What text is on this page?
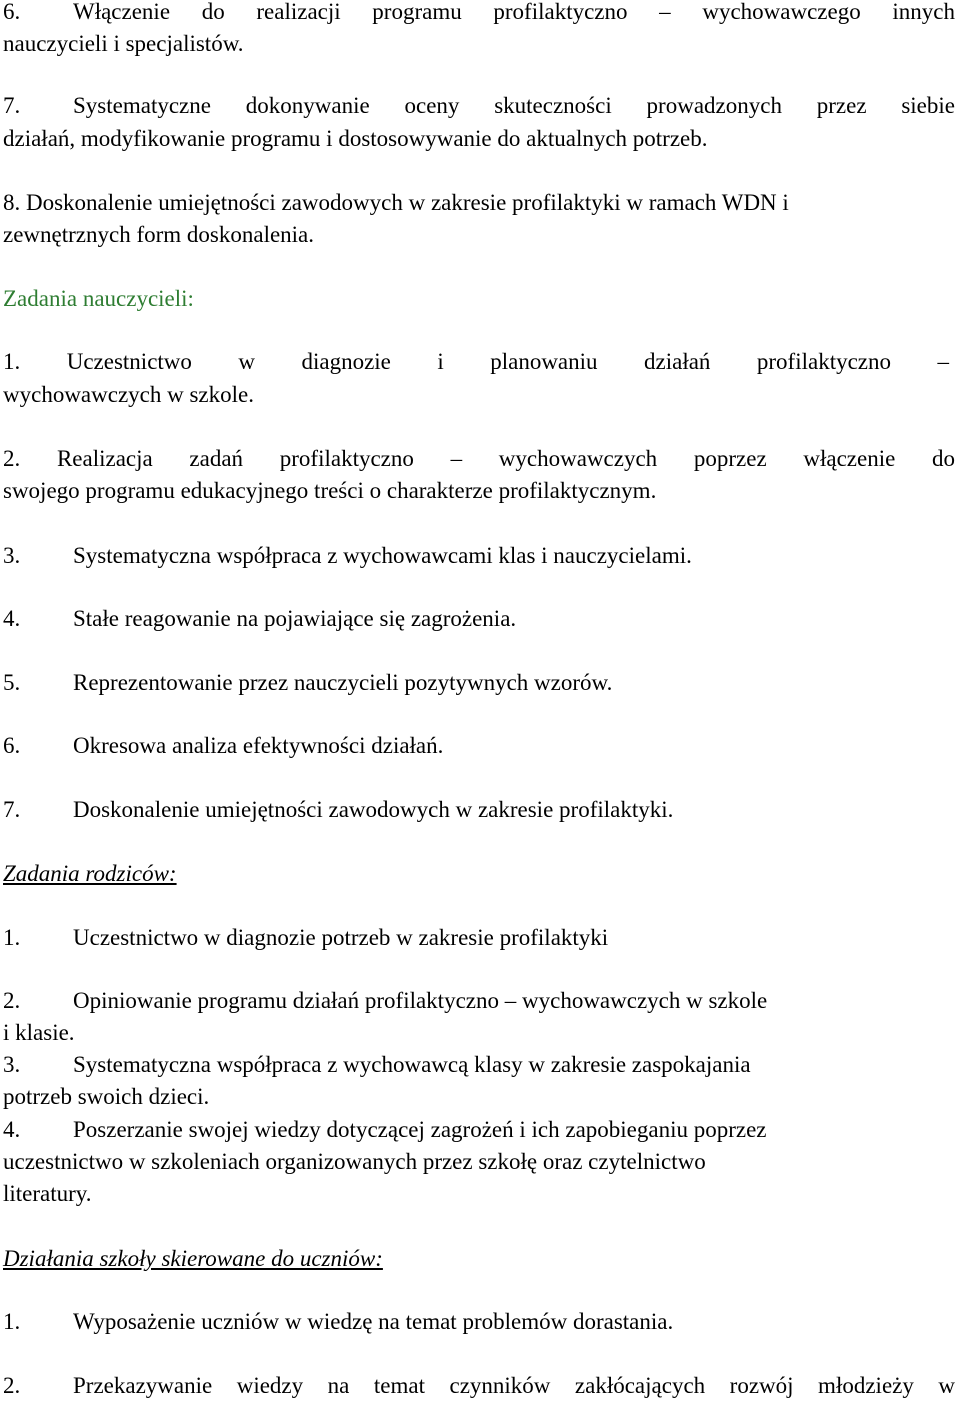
6. Włączenie do realizacji programu profilaktyczno – wychowawczego innych

nauczycieli i specjalistów.

7. Systematyczne dokonywanie oceny skuteczności prowadzonych przez siebie

działań, modyfikowanie programu i dostosowywanie do aktualnych potrzeb.

8. Doskonalenie umiejętności zawodowych w zakresie profilaktyki w ramach WDN i

zewnętrznych form doskonalenia.

Zadania nauczycieli:

1. Uczestnictwo w diagnozie i planowaniu działań profilaktyczno –

wychowawczych w szkole.

2. Realizacja zadań profilaktyczno – wychowawczych poprzez włączenie do

swojego programu edukacyjnego treści o charakterze profilaktycznym.

3. Systematyczna współpraca z wychowawcami klas i nauczycielami.

4. Stałe reagowanie na pojawiające się zagrożenia.

5. Reprezentowanie przez nauczycieli pozytywnych wzorów.

6. Okresowa analiza efektywności działań.

7. Doskonalenie umiejętności zawodowych w zakresie profilaktyki.

Zadania rodziców:

1. Uczestnictwo w diagnozie potrzeb w zakresie profilaktyki

2. Opiniowanie programu działań profilaktyczno – wychowawczych w szkole

i klasie.

3. Systematyczna współpraca z wychowawcą klasy w zakresie zaspokajania

potrzeb swoich dzieci.

4. Poszerzanie swojej wiedzy dotyczącej zagrożeń i ich zapobieganiu poprzez

uczestnictwo w szkoleniach organizowanych przez szkołę oraz czytelnictwo

literatury.

Działania szkoły skierowane do uczniów:

1. Wyposażenie uczniów w wiedzę na temat problemów dorastania.

2. Przekazywanie wiedzy na temat czynników zakłócających rozwój młodzieży w
